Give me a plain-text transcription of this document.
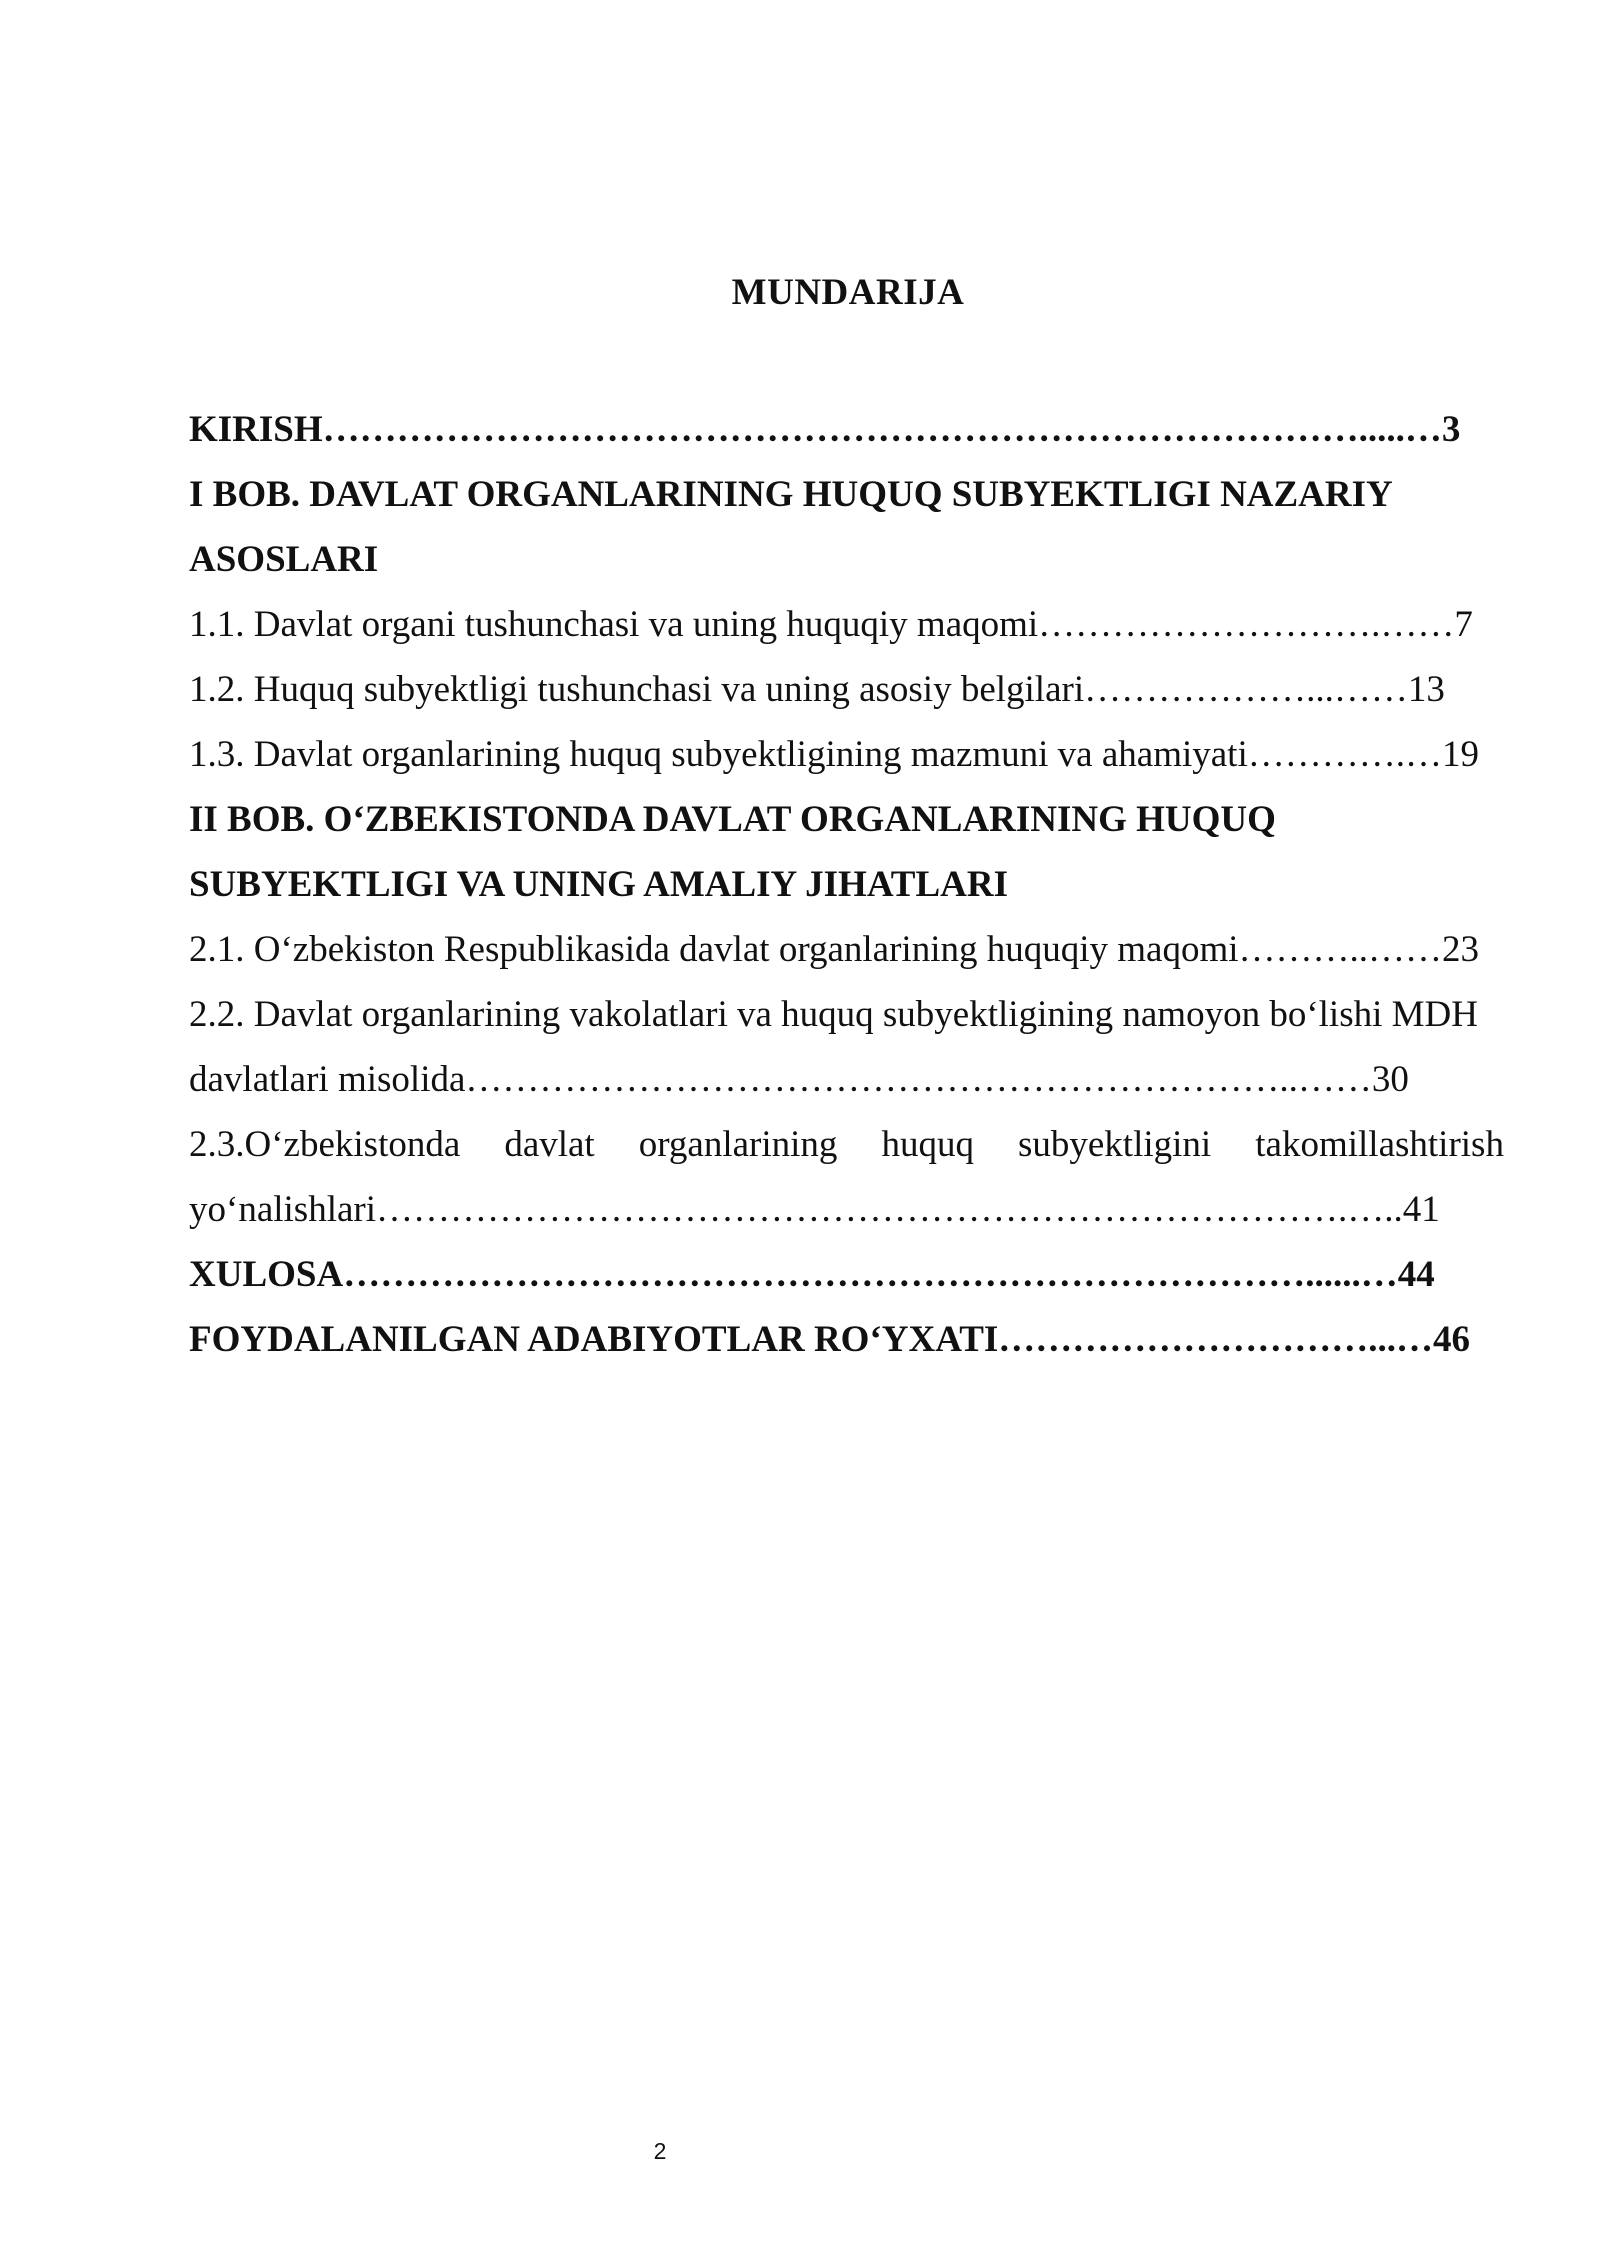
MUNDARIJA
KIRISH………………………………………………………………………….....…3
I BOB. DAVLAT ORGANLARINING HUQUQ SUBYEKTLIGI NAZARIY
ASOSLARI
1.1. Davlat organi tushunchasi va uning huquqiy maqomi……………………….……7
1.2. Huquq subyektligi tushunchasi va uning asosiy belgilari………………...……13
1.3. Davlat organlarining huquq subyektligining mazmuni va ahamiyati………….…19
II BOB. O‘ZBEKISTONDA DAVLAT ORGANLARINING HUQUQ
SUBYEKTLIGI VA UNING AMALIY JIHATLARI
2.1. O‘zbekiston Respublikasida davlat organlarining huquqiy maqomi………..……23
2.2. Davlat organlarining vakolatlari va huquq subyektligining namoyon bo‘lishi MDH
davlatlari misolida…………………………………………………………..……30
2.3.O‘zbekistonda davlat organlarining huquq subyektligini takomillashtirish
yo‘nalishlari…………………………………………………………………….…..41
XULOSA……………………………………………………………………......…44
FOYDALANILGAN ADABIYOTLAR RO‘YXATI…………………………...…46
2
